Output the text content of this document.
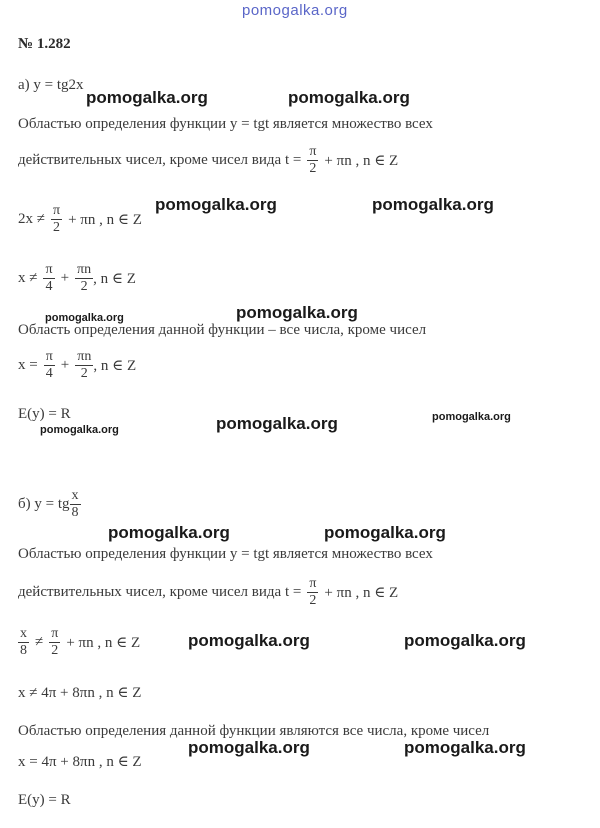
pomogalka.org
№ 1.282
а) y = tg2x
pomogalka.org	pomogalka.org
Областью определения функции y = tgt является множество всех
действительных чисел, кроме чисел вида $t = \frac{\pi}{2} + \pi n$ , n ∈ Z
pomogalka.org	pomogalka.org
$2x \ne \frac{\pi}{2} + \pi n$ , n ∈ Z
$x \ne \frac{\pi}{4} + \frac{\pi n}{2}$ , n ∈ Z
pomogalka.org
pomogalka.org
Область определения данной функции – все числа, кроме чисел
$x = \frac{\pi}{4} + \frac{\pi n}{2}$ , n ∈ Z
E(y) = R	pomogalka.org
pomogalka.org
pomogalka.org
б) y = tg $\frac{x}{8}$
pomogalka.org	pomogalka.org
Областью определения функции y = tgt является множество всех
действительных чисел, кроме чисел вида $t = \frac{\pi}{2} + \pi n$ , n ∈ Z
$\frac{x}{8} \ne \frac{\pi}{2} + \pi n$ , n ∈ Z	pomogalka.org	pomogalka.org
x ≠ 4π + 8πn , n ∈ Z
Областью определения данной функции являются все числа, кроме чисел
pomogalka.org	pomogalka.org
x = 4π + 8πn , n ∈ Z
E(y) = R
